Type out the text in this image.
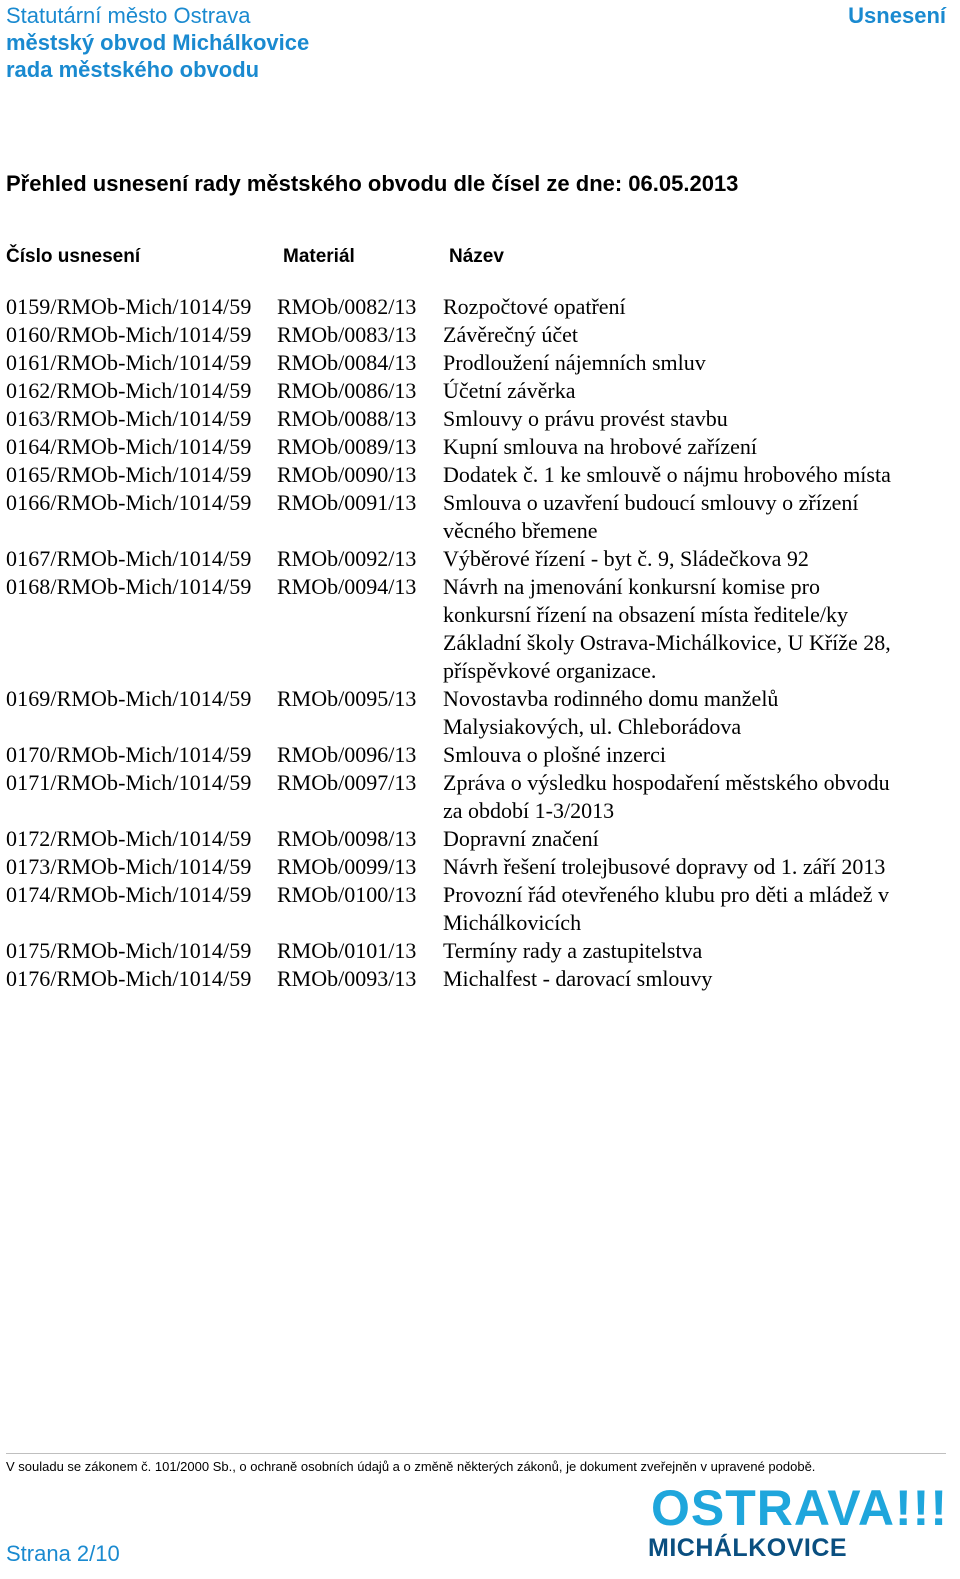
Statutární město Ostrava
městský obvod Michálkovice
rada městského obvodu
Usnesení
Přehled usnesení rady městského obvodu dle čísel ze dne: 06.05.2013
Číslo usnesení	Materiál	Název
0159/RMOb-Mich/1014/59	RMOb/0082/13	Rozpočtové opatření
0160/RMOb-Mich/1014/59	RMOb/0083/13	Závěrečný účet
0161/RMOb-Mich/1014/59	RMOb/0084/13	Prodloužení nájemních smluv
0162/RMOb-Mich/1014/59	RMOb/0086/13	Účetní závěrka
0163/RMOb-Mich/1014/59	RMOb/0088/13	Smlouvy o právu provést stavbu
0164/RMOb-Mich/1014/59	RMOb/0089/13	Kupní smlouva na hrobové zařízení
0165/RMOb-Mich/1014/59	RMOb/0090/13	Dodatek č. 1 ke smlouvě o nájmu hrobového místa
0166/RMOb-Mich/1014/59	RMOb/0091/13	Smlouva o uzavření budoucí smlouvy o zřízení
věcného břemene
0167/RMOb-Mich/1014/59	RMOb/0092/13	Výběrové řízení - byt č. 9, Sládečkova 92
0168/RMOb-Mich/1014/59	RMOb/0094/13	Návrh na jmenování konkursní komise pro
konkursní řízení na obsazení místa ředitele/ky
Základní školy Ostrava-Michálkovice, U Kříže 28,
příspěvkové organizace.
0169/RMOb-Mich/1014/59	RMOb/0095/13	Novostavba rodinného domu manželů
Malysiakových, ul. Chleborádova
0170/RMOb-Mich/1014/59	RMOb/0096/13	Smlouva o plošné inzerci
0171/RMOb-Mich/1014/59	RMOb/0097/13	Zpráva o výsledku hospodaření městského obvodu
za období 1-3/2013
0172/RMOb-Mich/1014/59	RMOb/0098/13	Dopravní značení
0173/RMOb-Mich/1014/59	RMOb/0099/13	Návrh řešení trolejbusové dopravy od 1. září 2013
0174/RMOb-Mich/1014/59	RMOb/0100/13	Provozní řád otevřeného klubu pro děti a mládež v
Michálkovicích
0175/RMOb-Mich/1014/59	RMOb/0101/13	Termíny rady a zastupitelstva
0176/RMOb-Mich/1014/59	RMOb/0093/13	Michalfest - darovací smlouvy
V souladu se zákonem č. 101/2000 Sb., o ochraně osobních údajů a o změně některých zákonů, je dokument zveřejněn v upravené podobě.
Strana 2/10
OSTRAVA!!!
MICHÁLKOVICE
